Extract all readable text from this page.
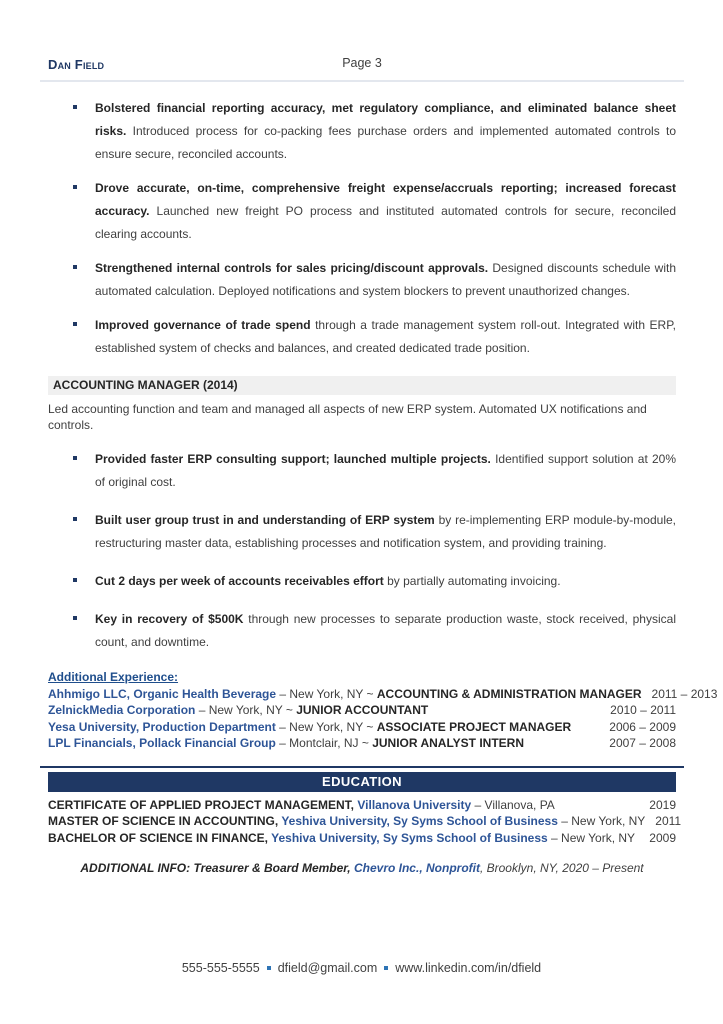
Dan Field	Page 3

Bolstered financial reporting accuracy, met regulatory compliance, and eliminated balance sheet risks. Introduced process for co-packing fees purchase orders and implemented automated controls to ensure secure, reconciled accounts.

Drove accurate, on-time, comprehensive freight expense/accruals reporting; increased forecast accuracy. Launched new freight PO process and instituted automated controls for secure, reconciled clearing accounts.

Strengthened internal controls for sales pricing/discount approvals. Designed discounts schedule with automated calculation. Deployed notifications and system blockers to prevent unauthorized changes.

Improved governance of trade spend through a trade management system roll-out. Integrated with ERP, established system of checks and balances, and created dedicated trade position.

ACCOUNTING MANAGER (2014)

Led accounting function and team and managed all aspects of new ERP system. Automated UX notifications and controls.

Provided faster ERP consulting support; launched multiple projects. Identified support solution at 20% of original cost.

Built user group trust in and understanding of ERP system by re-implementing ERP module-by-module, restructuring master data, establishing processes and notification system, and providing training.

Cut 2 days per week of accounts receivables effort by partially automating invoicing.

Key in recovery of $500K through new processes to separate production waste, stock received, physical count, and downtime.

Additional Experience:
Ahhmigo LLC, Organic Health Beverage – New York, NY ~ ACCOUNTING & ADMINISTRATION MANAGER 2011 – 2013
ZelnickMedia Corporation – New York, NY ~ JUNIOR ACCOUNTANT	2010 – 2011
Yesa University, Production Department – New York, NY ~ ASSOCIATE PROJECT MANAGER	2006 – 2009
LPL Financials, Pollack Financial Group – Montclair, NJ ~ JUNIOR ANALYST INTERN	2007 – 2008
EDUCATION
CERTIFICATE OF APPLIED PROJECT MANAGEMENT, Villanova University – Villanova, PA	2019
MASTER OF SCIENCE IN ACCOUNTING, Yeshiva University, Sy Syms School of Business – New York, NY 2011
BACHELOR OF SCIENCE IN FINANCE, Yeshiva University, Sy Syms School of Business – New York, NY	2009
ADDITIONAL INFO: Treasurer & Board Member, Chevro Inc., Nonprofit, Brooklyn, NY, 2020 – Present
555-555-5555 dfield@gmail.com www.linkedin.com/in/dfield
